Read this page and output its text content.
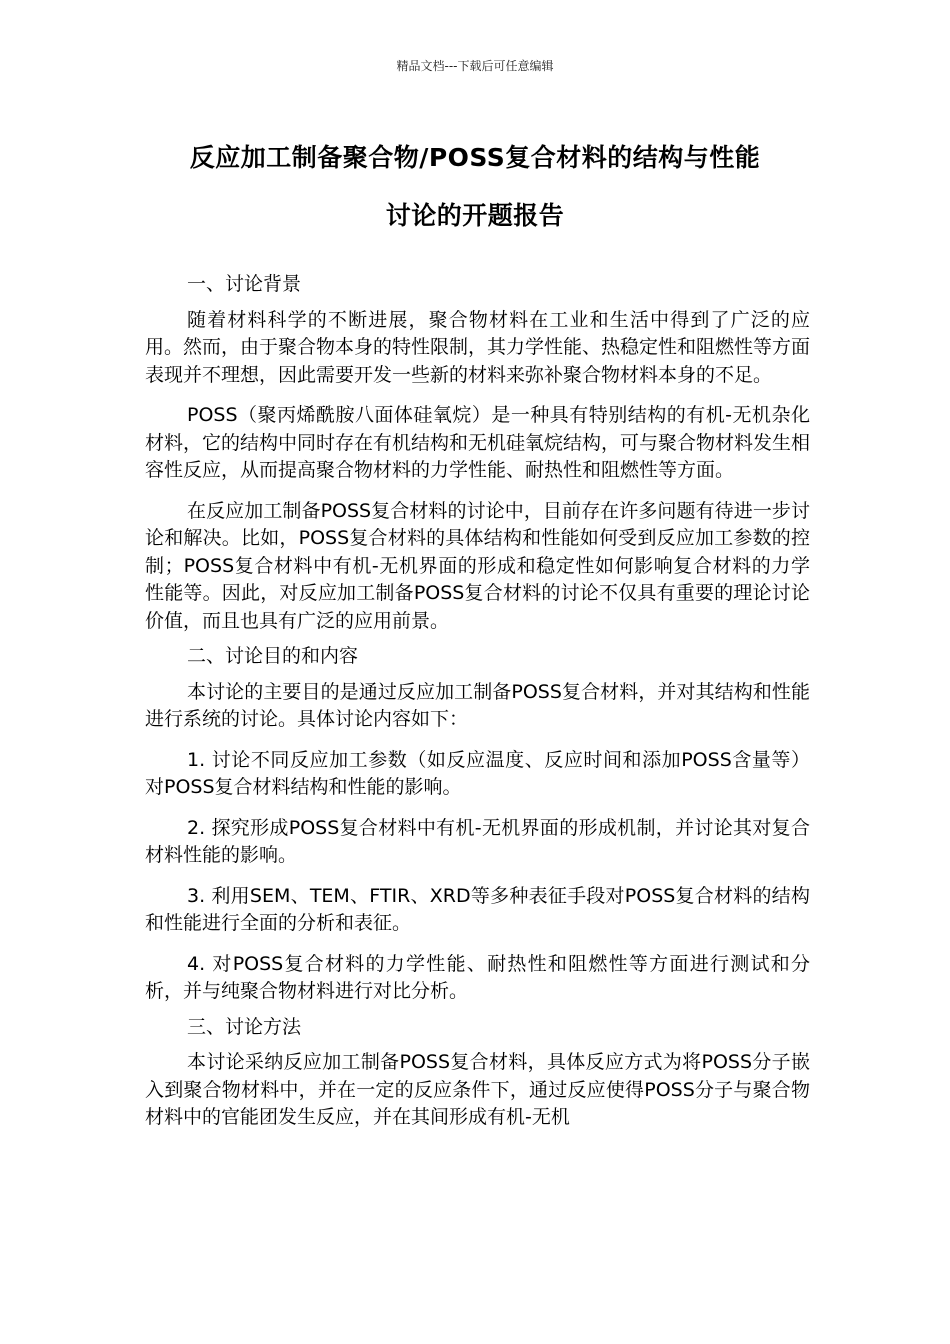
精品文档---下载后可任意编辑
反应加工制备聚合物/POSS复合材料的结构与性能
讨论的开题报告

一、讨论背景

随着材料科学的不断进展，聚合物材料在工业和生活中得到了广泛的应用。然而，由于聚合物本身的特性限制，其力学性能、热稳定性和阻燃性等方面表现并不理想，因此需要开发一些新的材料来弥补聚合物材料本身的不足。

POSS（聚丙烯酰胺八面体硅氧烷）是一种具有特别结构的有机-无机杂化材料，它的结构中同时存在有机结构和无机硅氧烷结构，可与聚合物材料发生相容性反应，从而提高聚合物材料的力学性能、耐热性和阻燃性等方面。

在反应加工制备POSS复合材料的讨论中，目前存在许多问题有待进一步讨论和解决。比如，POSS复合材料的具体结构和性能如何受到反应加工参数的控制；POSS复合材料中有机-无机界面的形成和稳定性如何影响复合材料的力学性能等。因此，对反应加工制备POSS复合材料的讨论不仅具有重要的理论讨论价值，而且也具有广泛的应用前景。

二、讨论目的和内容

本讨论的主要目的是通过反应加工制备POSS复合材料，并对其结构和性能进行系统的讨论。具体讨论内容如下：

1. 讨论不同反应加工参数（如反应温度、反应时间和添加POSS含量等）对POSS复合材料结构和性能的影响。

2. 探究形成POSS复合材料中有机-无机界面的形成机制，并讨论其对复合材料性能的影响。

3. 利用SEM、TEM、FTIR、XRD等多种表征手段对POSS复合材料的结构和性能进行全面的分析和表征。

4. 对POSS复合材料的力学性能、耐热性和阻燃性等方面进行测试和分析，并与纯聚合物材料进行对比分析。

三、讨论方法

本讨论采纳反应加工制备POSS复合材料，具体反应方式为将POSS分子嵌入到聚合物材料中，并在一定的反应条件下，通过反应使得POSS分子与聚合物材料中的官能团发生反应，并在其间形成有机-无机
